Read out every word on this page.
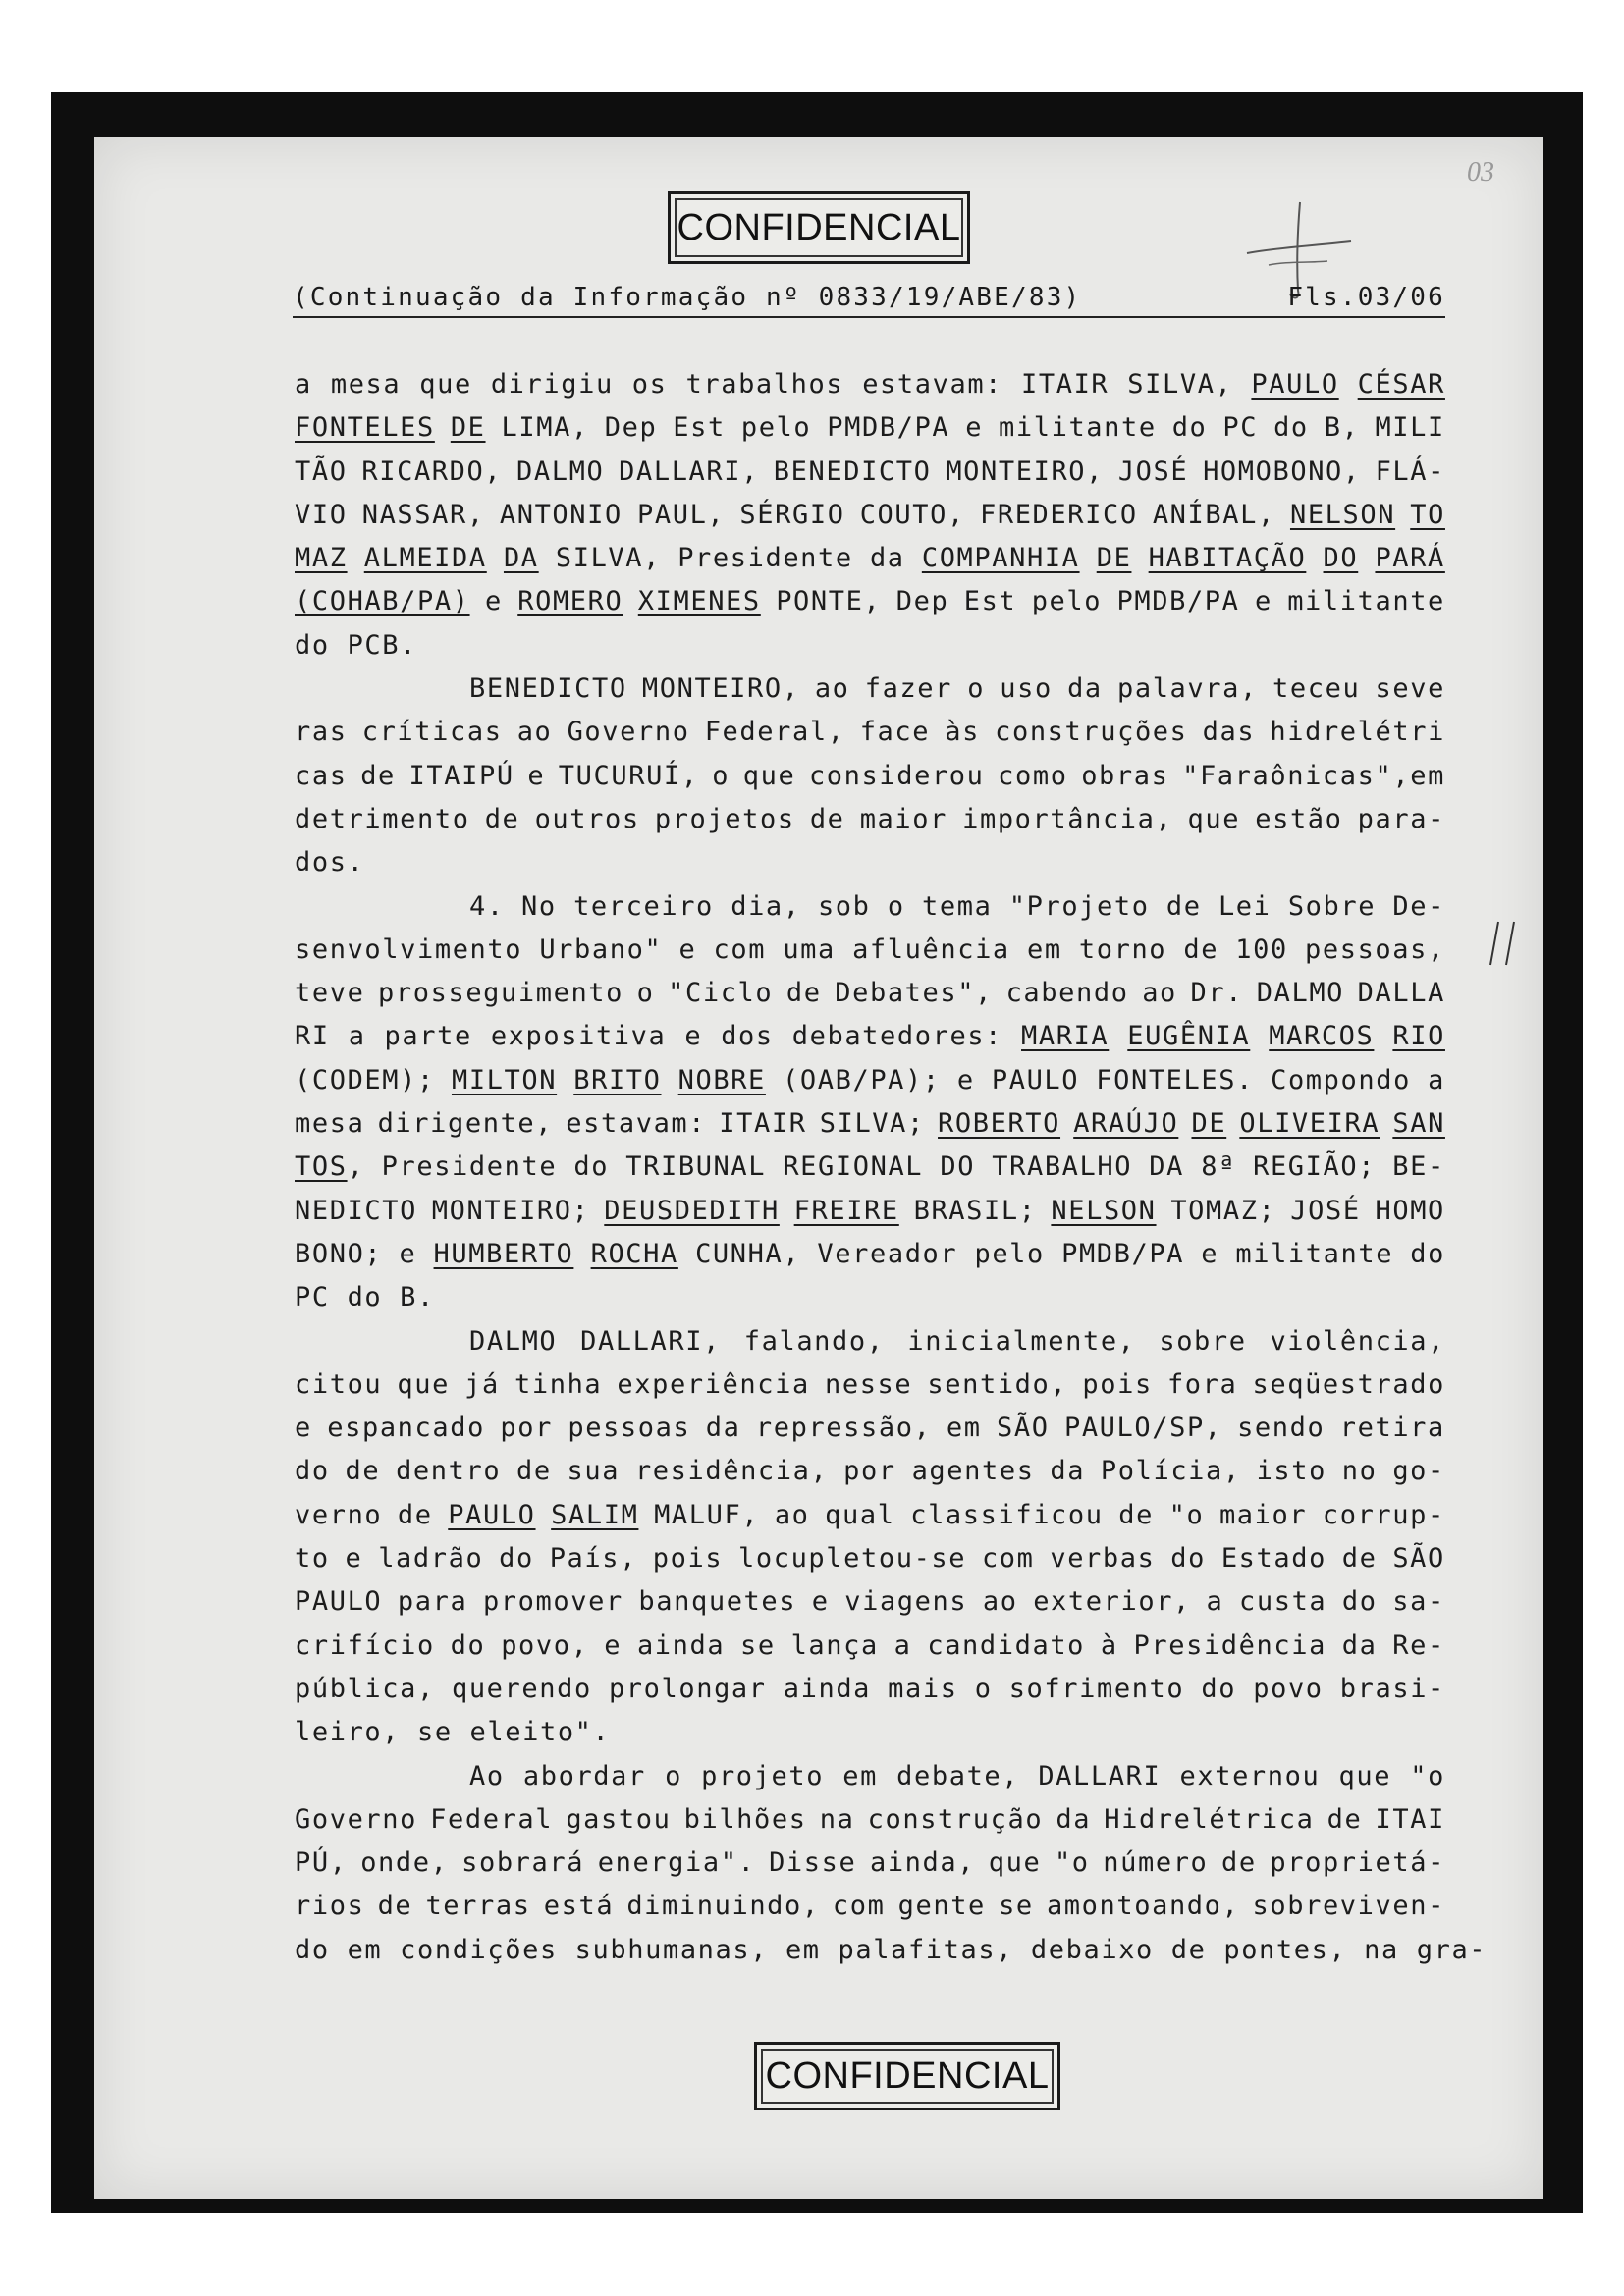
03
CONFIDENCIAL
(Continuação da Informação nº 0833/19/ABE/83)	Fls.03/06
a mesa que dirigiu os trabalhos estavam: ITAIR SILVA, PAULO CÉSAR
FONTELES DE LIMA, Dep Est pelo PMDB/PA e militante do PC do B, MILI
TÃO RICARDO, DALMO DALLARI, BENEDICTO MONTEIRO, JOSÉ HOMOBONO, FLÁ-
VIO NASSAR, ANTONIO PAUL, SÉRGIO COUTO, FREDERICO ANÍBAL, NELSON TO
MAZ ALMEIDA DA SILVA, Presidente da COMPANHIA DE HABITAÇÃO DO PARÁ
(COHAB/PA) e ROMERO XIMENES PONTE, Dep Est pelo PMDB/PA e militante
do PCB.
BENEDICTO MONTEIRO, ao fazer o uso da palavra, teceu seve
ras críticas ao Governo Federal, face às construções das hidrelétri
cas de ITAIPÚ e TUCURUÍ, o que considerou como obras "Faraônicas",em
detrimento de outros projetos de maior importância, que estão para-
dos.
4. No terceiro dia, sob o tema "Projeto de Lei Sobre De-
senvolvimento Urbano" e com uma afluência em torno de 100 pessoas,
teve prosseguimento o "Ciclo de Debates", cabendo ao Dr. DALMO DALLA
RI a parte expositiva e dos debatedores: MARIA EUGÊNIA MARCOS RIO
(CODEM); MILTON BRITO NOBRE (OAB/PA); e PAULO FONTELES. Compondo a
mesa dirigente, estavam: ITAIR SILVA; ROBERTO ARAÚJO DE OLIVEIRA SAN
TOS, Presidente do TRIBUNAL REGIONAL DO TRABALHO DA 8ª REGIÃO; BE-
NEDICTO MONTEIRO; DEUSDEDITH FREIRE BRASIL; NELSON TOMAZ; JOSÉ HOMO
BONO; e HUMBERTO ROCHA CUNHA, Vereador pelo PMDB/PA e militante do
PC do B.
DALMO DALLARI, falando, inicialmente, sobre violência,
citou que já tinha experiência nesse sentido, pois fora seqüestrado
e espancado por pessoas da repressão, em SÃO PAULO/SP, sendo retira
do de dentro de sua residência, por agentes da Polícia, isto no go-
verno de PAULO SALIM MALUF, ao qual classificou de "o maior corrup-
to e ladrão do País, pois locupletou-se com verbas do Estado de SÃO
PAULO para promover banquetes e viagens ao exterior, a custa do sa-
crifício do povo, e ainda se lança a candidato à Presidência da Re-
pública, querendo prolongar ainda mais o sofrimento do povo brasi-
leiro, se eleito".
Ao abordar o projeto em debate, DALLARI externou que "o
Governo Federal gastou bilhões na construção da Hidrelétrica de ITAI
PÚ, onde, sobrará energia". Disse ainda, que "o número de proprietá-
rios de terras está diminuindo, com gente se amontoando, sobreviven-
do em condições subhumanas, em palafitas, debaixo de pontes, na gra-
CONFIDENCIAL
